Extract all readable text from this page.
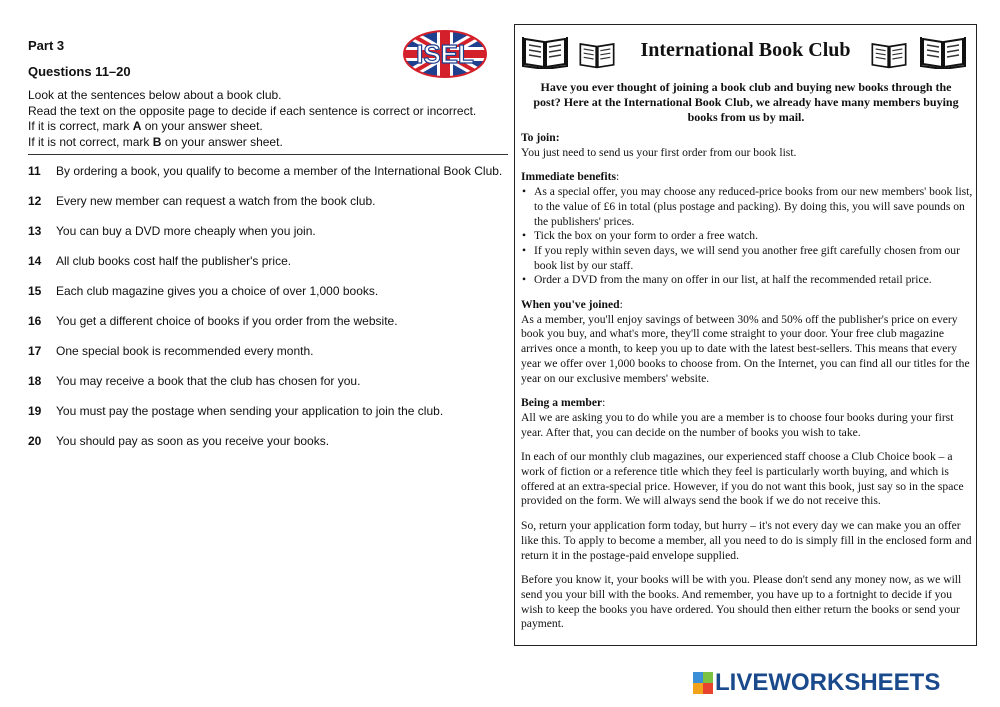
Part 3
Questions 11–20
Look at the sentences below about a book club.
Read the text on the opposite page to decide if each sentence is correct or incorrect.
If it is correct, mark A on your answer sheet.
If it is not correct, mark B on your answer sheet.
11 By ordering a book, you qualify to become a member of the International Book Club.
12 Every new member can request a watch from the book club.
13 You can buy a DVD more cheaply when you join.
14 All club books cost half the publisher's price.
15 Each club magazine gives you a choice of over 1,000 books.
16 You get a different choice of books if you order from the website.
17 One special book is recommended every month.
18 You may receive a book that the club has chosen for you.
19 You must pay the postage when sending your application to join the club.
20 You should pay as soon as you receive your books.
ISEL	International Book Club
Have you ever thought of joining a book club and buying new books through the post? Here at the International Book Club, we already have many members buying books from us by mail.

To join:

You just need to send us your first order from our book list.

Immediate benefits:

• As a special offer, you may choose any reduced-price books from our new members' book list, to the value of £6 in total (plus postage and packing). By doing this, you will save pounds on the publishers' prices.
• Tick the box on your form to order a free watch.
• If you reply within seven days, we will send you another free gift carefully chosen from our book list by our staff.
• Order a DVD from the many on offer in our list, at half the recommended retail price.

When you've joined:

As a member, you'll enjoy savings of between 30% and 50% off the publisher's price on every book you buy, and what's more, they'll come straight to your door. Your free club magazine arrives once a month, to keep you up to date with the latest best-sellers. This means that every year we offer over 1,000 books to choose from. On the Internet, you can find all our titles for the year on our exclusive members' website.

Being a member:

All we are asking you to do while you are a member is to choose four books during your first year. After that, you can decide on the number of books you wish to take.

In each of our monthly club magazines, our experienced staff choose a Club Choice book – a work of fiction or a reference title which they feel is particularly worth buying, and which is offered at an extra-special price. However, if you do not want this book, just say so in the space provided on the form. We will always send the book if we do not receive this.
So, return your application form today, but hurry – it's not every day we can make you an offer like this. To apply to become a member, all you need to do is simply fill in the enclosed form and return it in the postage-paid envelope supplied.
Before you know it, your books will be with you. Please don't send any money now, as we will send you your bill with the books. And remember, you have up to a fortnight to decide if you wish to keep the books you have ordered. You should then either return the books or send your payment.
LIVEWORKSHEETS
